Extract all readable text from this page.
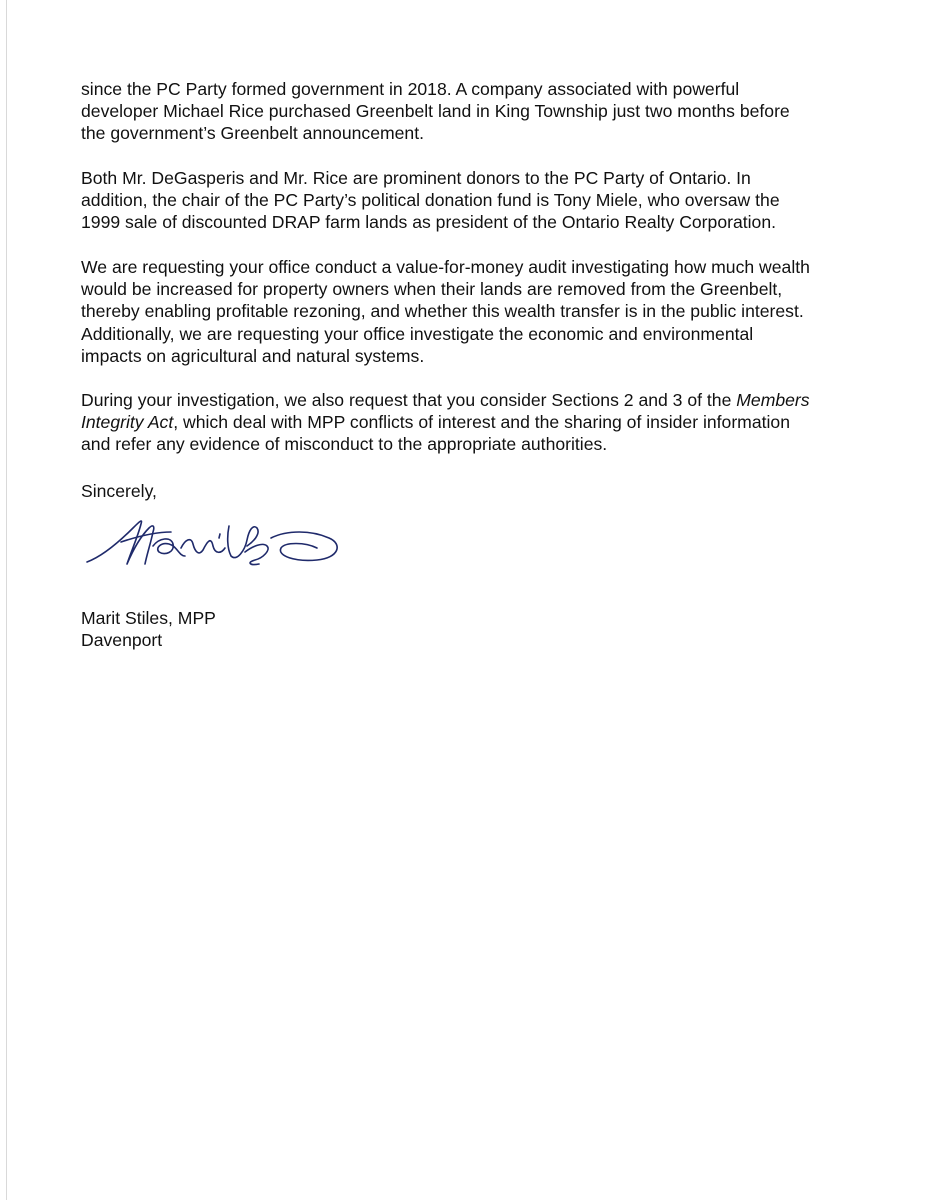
since the PC Party formed government in 2018. A company associated with powerful
developer Michael Rice purchased Greenbelt land in King Township just two months before
the government’s Greenbelt announcement.

Both Mr. DeGasperis and Mr. Rice are prominent donors to the PC Party of Ontario. In
addition, the chair of the PC Party’s political donation fund is Tony Miele, who oversaw the
1999 sale of discounted DRAP farm lands as president of the Ontario Realty Corporation.

We are requesting your office conduct a value-for-money audit investigating how much wealth
would be increased for property owners when their lands are removed from the Greenbelt,
thereby enabling profitable rezoning, and whether this wealth transfer is in the public interest.
Additionally, we are requesting your office investigate the economic and environmental
impacts on agricultural and natural systems.

During your investigation, we also request that you consider Sections 2 and 3 of the Members
Integrity Act, which deal with MPP conflicts of interest and the sharing of insider information
and refer any evidence of misconduct to the appropriate authorities.

Sincerely,

Marit Stiles, MPP
Davenport
